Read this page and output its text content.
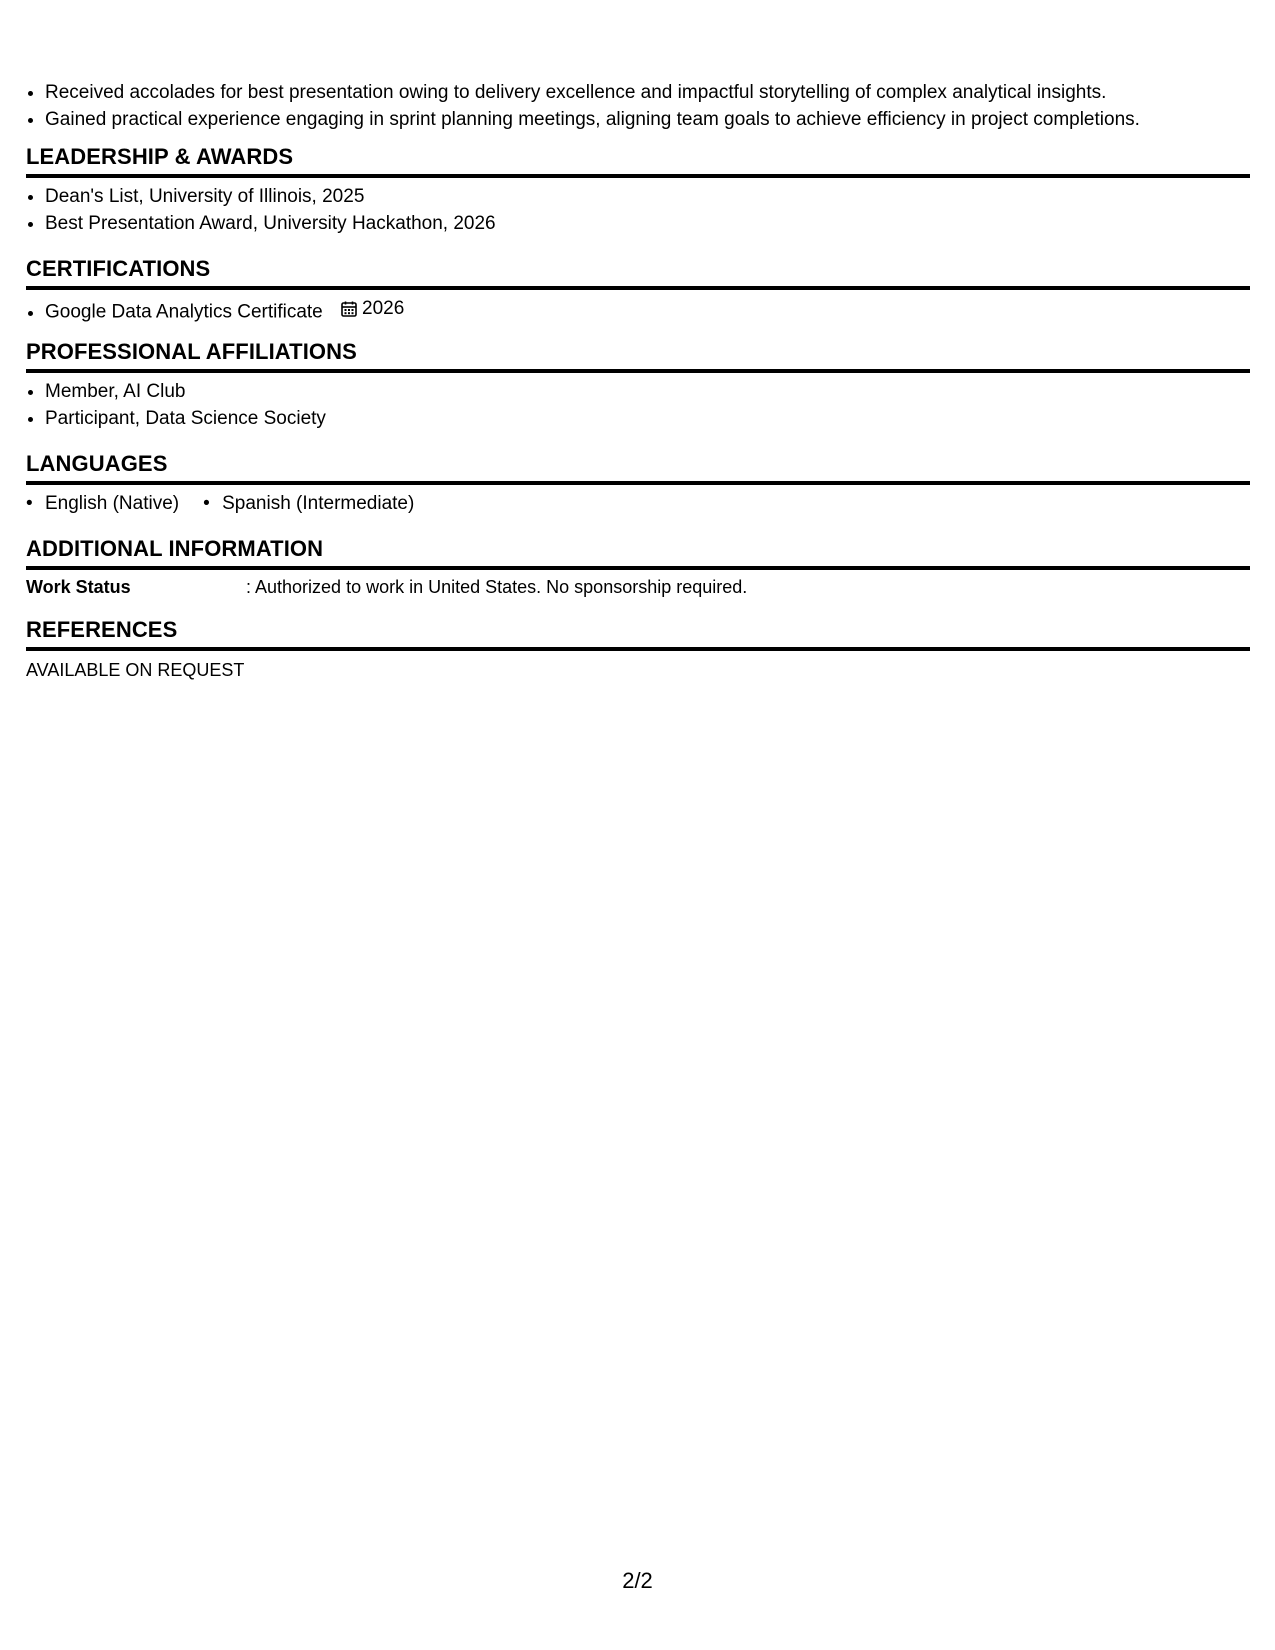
• Received accolades for best presentation owing to delivery excellence and impactful storytelling of complex analytical insights.
• Gained practical experience engaging in sprint planning meetings, aligning team goals to achieve efficiency in project completions.
LEADERSHIP & AWARDS
• Dean's List, University of Illinois, 2025
• Best Presentation Award, University Hackathon, 2026
CERTIFICATIONS
• Google Data Analytics Certificate 2026
PROFESSIONAL AFFILIATIONS
• Member, AI Club
• Participant, Data Science Society
LANGUAGES
• English (Native)
• Spanish (Intermediate)
ADDITIONAL INFORMATION
Work Status	: Authorized to work in United States. No sponsorship required.
REFERENCES
AVAILABLE ON REQUEST
2/2
